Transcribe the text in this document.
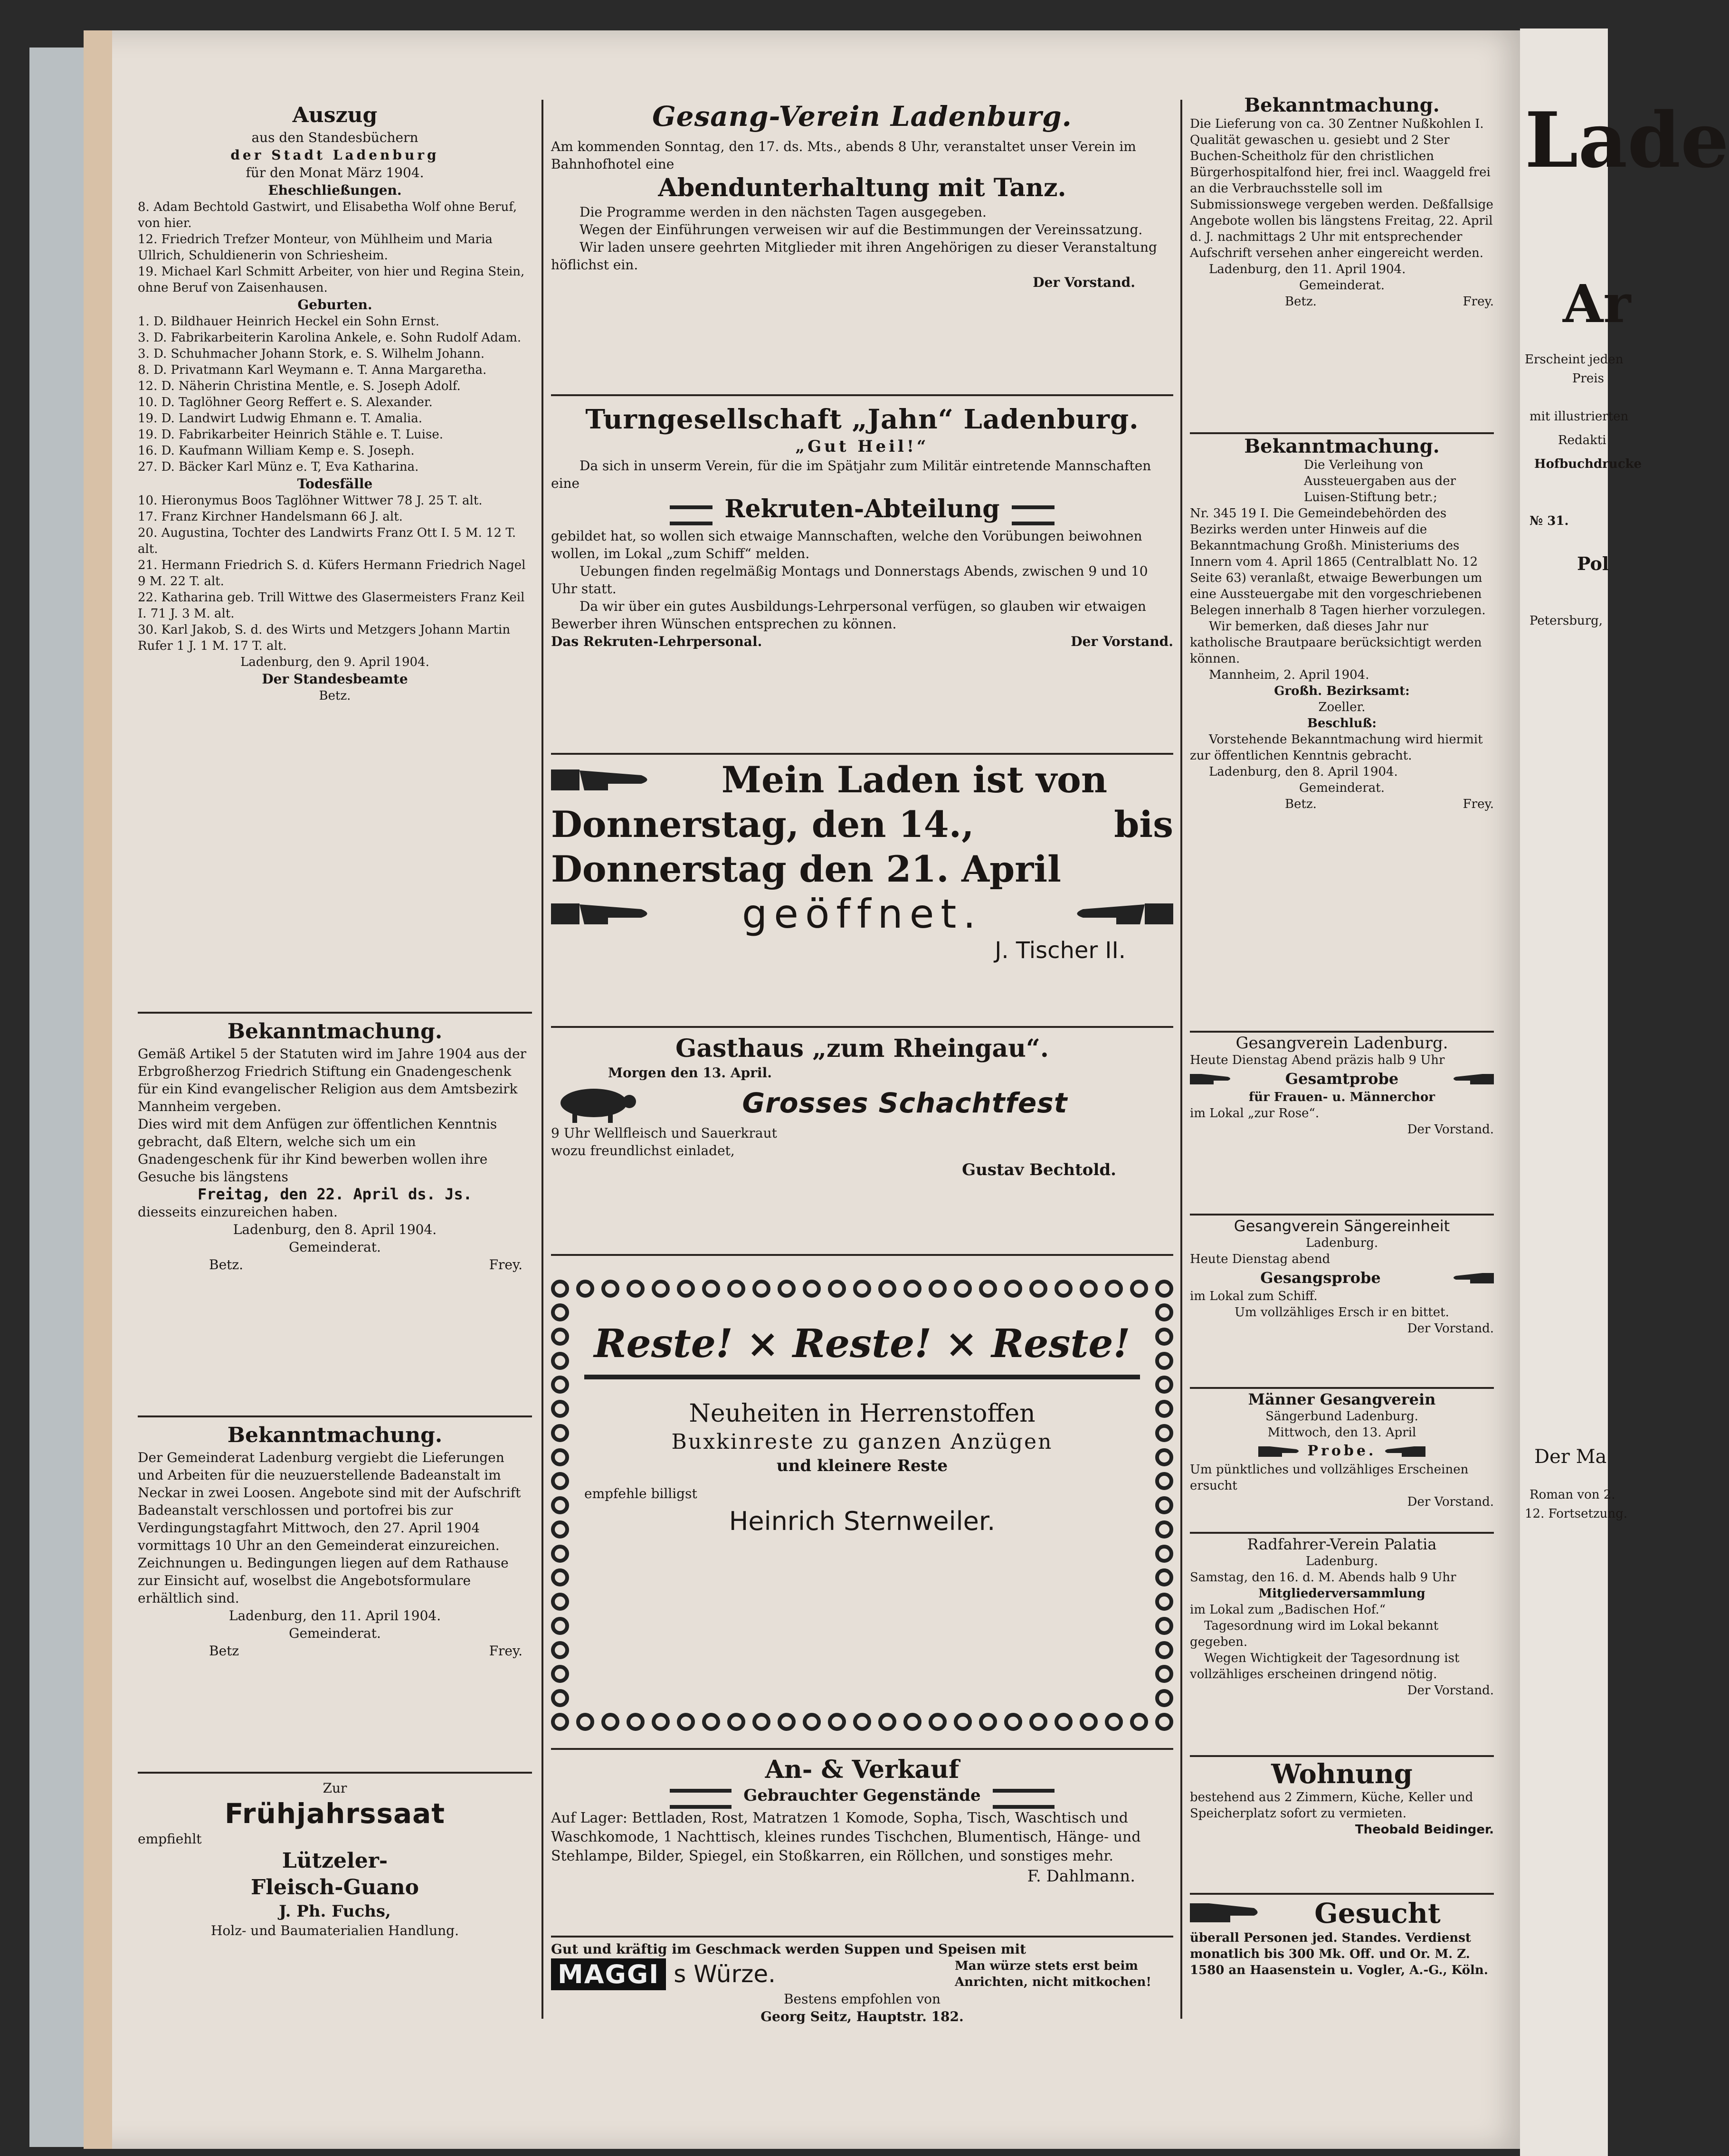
Auszug
aus den Standesbüchern
der Stadt Ladenburg
für den Monat März 1904.
Eheschließungen.
8. Adam Bechtold Gastwirt, und Elisabetha Wolf ohne Beruf, von hier.
12. Friedrich Trefzer Monteur, von Mühlheim und Maria Ullrich, Schuldienerin von Schriesheim.
19. Michael Karl Schmitt Arbeiter, von hier und Regina Stein, ohne Beruf von Zaisenhausen.
Geburten.
1. D. Bildhauer Heinrich Heckel ein Sohn Ernst.
3. D. Fabrikarbeiterin Karolina Ankele, e. Sohn Rudolf Adam.
3. D. Schuhmacher Johann Stork, e. S. Wilhelm Johann.
8. D. Privatmann Karl Weymann e. T. Anna Margaretha.
12. D. Näherin Christina Mentle, e. S. Joseph Adolf.
10. D. Taglöhner Georg Reffert e. S. Alexander.
19. D. Landwirt Ludwig Ehmann e. T. Amalia.
19. D. Fabrikarbeiter Heinrich Stähle e. T. Luise.
16. D. Kaufmann William Kemp e. S. Joseph.
27. D. Bäcker Karl Münz e. T, Eva Katharina.
Todesfälle
10. Hieronymus Boos Taglöhner Wittwer 78 J. 25 T. alt.
17. Franz Kirchner Handelsmann 66 J. alt.
20. Augustina, Tochter des Landwirts Franz Ott I. 5 M. 12 T. alt.
21. Hermann Friedrich S. d. Küfers Hermann Friedrich Nagel 9 M. 22 T. alt.
22. Katharina geb. Trill Wittwe des Glasermeisters Franz Keil I. 71 J. 3 M. alt.
30. Karl Jakob, S. d. des Wirts und Metzgers Johann Martin Rufer 1 J. 1 M. 17 T. alt.
Ladenburg, den 9. April 1904.
Der Standesbeamte
Betz.
Bekanntmachung.
Gemäß Artikel 5 der Statuten wird im Jahre 1904 aus der Erbgroßherzog Friedrich Stiftung ein Gnadengeschenk für ein Kind evangelischer Religion aus dem Amtsbezirk Mannheim vergeben.
Dies wird mit dem Anfügen zur öffentlichen Kenntnis gebracht, daß Eltern, welche sich um ein Gnadengeschenk für ihr Kind bewerben wollen ihre Gesuche bis längstens
Freitag, den 22. April ds. Js.
diesseits einzureichen haben.
Ladenburg, den 8. April 1904.
Gemeinderat.
Betz.	Frey.
Bekanntmachung.
Der Gemeinderat Ladenburg vergiebt die Lieferungen und Arbeiten für die neuzuerstellende Badeanstalt im Neckar in zwei Loosen. Angebote sind mit der Aufschrift Badeanstalt verschlossen und portofrei bis zur Verdingungstagfahrt Mittwoch, den 27. April 1904 vormittags 10 Uhr an den Gemeinderat einzureichen.
Zeichnungen u. Bedingungen liegen auf dem Rathause zur Einsicht auf, woselbst die Angebotsformulare erhältlich sind.
Ladenburg, den 11. April 1904.
Gemeinderat.
Betz	Frey.
Zur
Frühjahrssaat
empfiehlt
Lützeler-
Fleisch-Guano
J. Ph. Fuchs,
Holz- und Baumaterialien Handlung.
Gesang-Verein Ladenburg.
Am kommenden Sonntag, den 17. ds. Mts., abends 8 Uhr, veranstaltet unser Verein im Bahnhofhotel eine
Abendunterhaltung mit Tanz.
Die Programme werden in den nächsten Tagen ausgegeben.
Wegen der Einführungen verweisen wir auf die Bestimmungen der Vereinssatzung.
Wir laden unsere geehrten Mitglieder mit ihren Angehörigen zu dieser Veranstaltung höflichst ein.
Der Vorstand.
Turngesellschaft „Jahn“ Ladenburg.
„Gut Heil!“
Da sich in unserm Verein, für die im Spätjahr zum Militär eintretende Mannschaften eine
Rekruten-Abteilung
gebildet hat, so wollen sich etwaige Mannschaften, welche den Vorübungen beiwohnen wollen, im Lokal „zum Schiff“ melden.
Uebungen finden regelmäßig Montags und Donnerstags Abends, zwischen 9 und 10 Uhr statt.
Da wir über ein gutes Ausbildungs-Lehrpersonal verfügen, so glauben wir etwaigen Bewerber ihren Wünschen entsprechen zu können.
Das Rekruten-Lehrpersonal.	Der Vorstand.
Mein Laden ist von
Donnerstag, den 14.,	bis
Donnerstag den 21. April
geöffnet.
J. Tischer II.
Gasthaus „zum Rheingau“.
Morgen den 13. April.
Grosses Schachtfest
9 Uhr Wellfleisch und Sauerkraut
wozu freundlichst einladet,
Gustav Bechtold.
Reste! × Reste! × Reste!
Neuheiten in Herrenstoffen
Buxkinreste zu ganzen Anzügen
und kleinere Reste
empfehle billigst
Heinrich Sternweiler.
An- & Verkauf
Gebrauchter Gegenstände
Auf Lager: Bettladen, Rost, Matratzen 1 Komode, Sopha, Tisch, Waschtisch und Waschkomode, 1 Nachttisch, kleines rundes Tischchen, Blumentisch, Hänge- und Stehlampe, Bilder, Spiegel, ein Stoßkarren, ein Röllchen, und sonstiges mehr.
F. Dahlmann.
Gut und kräftig im Geschmack werden Suppen und Speisen mit
MAGGI s Würze.	Man würze stets erst beim Anrichten, nicht mitkochen!
Bestens empfohlen von
Georg Seitz, Hauptstr. 182.
Bekanntmachung.
Die Lieferung von ca. 30 Zentner Nußkohlen I. Qualität gewaschen u. gesiebt und 2 Ster Buchen-Scheitholz für den christlichen Bürgerhospitalfond hier, frei incl. Waaggeld frei an die Verbrauchsstelle soll im Submissionswege vergeben werden. Deßfallsige Angebote wollen bis längstens Freitag, 22. April d. J. nachmittags 2 Uhr mit entsprechender Aufschrift versehen anher eingereicht werden.
Ladenburg, den 11. April 1904.
Gemeinderat.
Betz.	Frey.
Bekanntmachung.
Die Verleihung von Aussteuergaben aus der Luisen-Stiftung betr.;
Nr. 345 19 I. Die Gemeindebehörden des Bezirks werden unter Hinweis auf die Bekanntmachung Großh. Ministeriums des Innern vom 4. April 1865 (Centralblatt No. 12 Seite 63) veranlaßt, etwaige Bewerbungen um eine Aussteuergabe mit den vorgeschriebenen Belegen innerhalb 8 Tagen hierher vorzulegen.
Wir bemerken, daß dieses Jahr nur katholische Brautpaare berücksichtigt werden können.
Mannheim, 2. April 1904.
Großh. Bezirksamt:
Zoeller.
Beschluß:
Vorstehende Bekanntmachung wird hiermit zur öffentlichen Kenntnis gebracht.
Ladenburg, den 8. April 1904.
Gemeinderat.
Betz.	Frey.
Gesangverein Ladenburg.
Heute Dienstag Abend präzis halb 9 Uhr
Gesamtprobe
für Frauen- u. Männerchor
im Lokal „zur Rose“.
Der Vorstand.
Gesangverein Sängereinheit
Ladenburg.
Heute Dienstag abend
Gesangsprobe
im Lokal zum Schiff.
Um vollzähliges Ersch ir en bittet.
Der Vorstand.
Männer Gesangverein
Sängerbund Ladenburg.
Mittwoch, den 13. April
Probe.
Um pünktliches und vollzähliges Erscheinen ersucht
Der Vorstand.
Radfahrer-Verein Palatia
Ladenburg.
Samstag, den 16. d. M. Abends halb 9 Uhr
Mitgliederversammlung
im Lokal zum „Badischen Hof.“
Tagesordnung wird im Lokal bekannt gegeben.
Wegen Wichtigkeit der Tagesordnung ist vollzähliges erscheinen dringend nötig.
Der Vorstand.
Wohnung
bestehend aus 2 Zimmern, Küche, Keller und Speicherplatz sofort zu vermieten.
Theobald Beidinger.
Gesucht
überall Personen jed. Standes. Verdienst monatlich bis 300 Mk. Off. und Or. M. Z. 1580 an Haasenstein u. Vogler, A.-G., Köln.
Lade
Ar
Erscheint jeden
Preis
mit illustrierten
Redakti
Hofbuchdrucke
№ 31.
Pol
Petersburg,
Der Ma
Roman von 2.
12. Fortsetzung.
